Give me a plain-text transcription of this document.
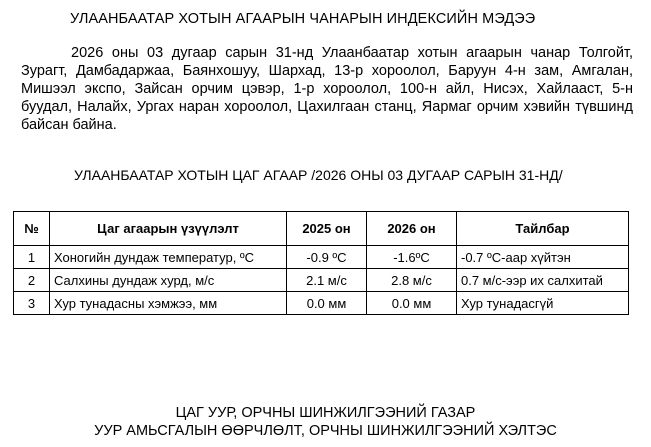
УЛААНБААТАР ХОТЫН АГААРЫН ЧАНАРЫН ИНДЕКСИЙН МЭДЭЭ

2026 оны 03 дугаар сарын 31-нд Улаанбаатар хотын агаарын чанар Толгойт, Зурагт, Дамбадаржаа, Баянхошуу, Шархад, 13-р хороолол, Баруун 4-н зам, Амгалан, Мишээл экспо, Зайсан орчим цэвэр, 1-р хороолол, 100-н айл, Нисэх, Хайлааст, 5-н буудал, Налайх, Ургах наран хороолол, Цахилгаан станц, Яармаг орчим хэвийн түвшинд байсан байна.

УЛААНБААТАР ХОТЫН ЦАГ АГААР /2026 ОНЫ 03 ДУГААР САРЫН 31-НД/
№	Цаг агаарын үзүүлэлт	2025 он	2026 он	Тайлбар
1	Хоногийн дундаж температур, ºС	-0.9 ºС	-1.6ºС	-0.7 ºС-аар хүйтэн
2	Салхины дундаж хурд, м/с	2.1 м/с	2.8 м/с	0.7 м/с-ээр их салхитай
3	Хур тунадасны хэмжээ, мм	0.0 мм	0.0 мм	Хур тунадасгүй
ЦАГ УУР, ОРЧНЫ ШИНЖИЛГЭЭНИЙ ГАЗАР
УУР АМЬСГАЛЫН ӨӨРЧЛӨЛТ, ОРЧНЫ ШИНЖИЛГЭЭНИЙ ХЭЛТЭС
